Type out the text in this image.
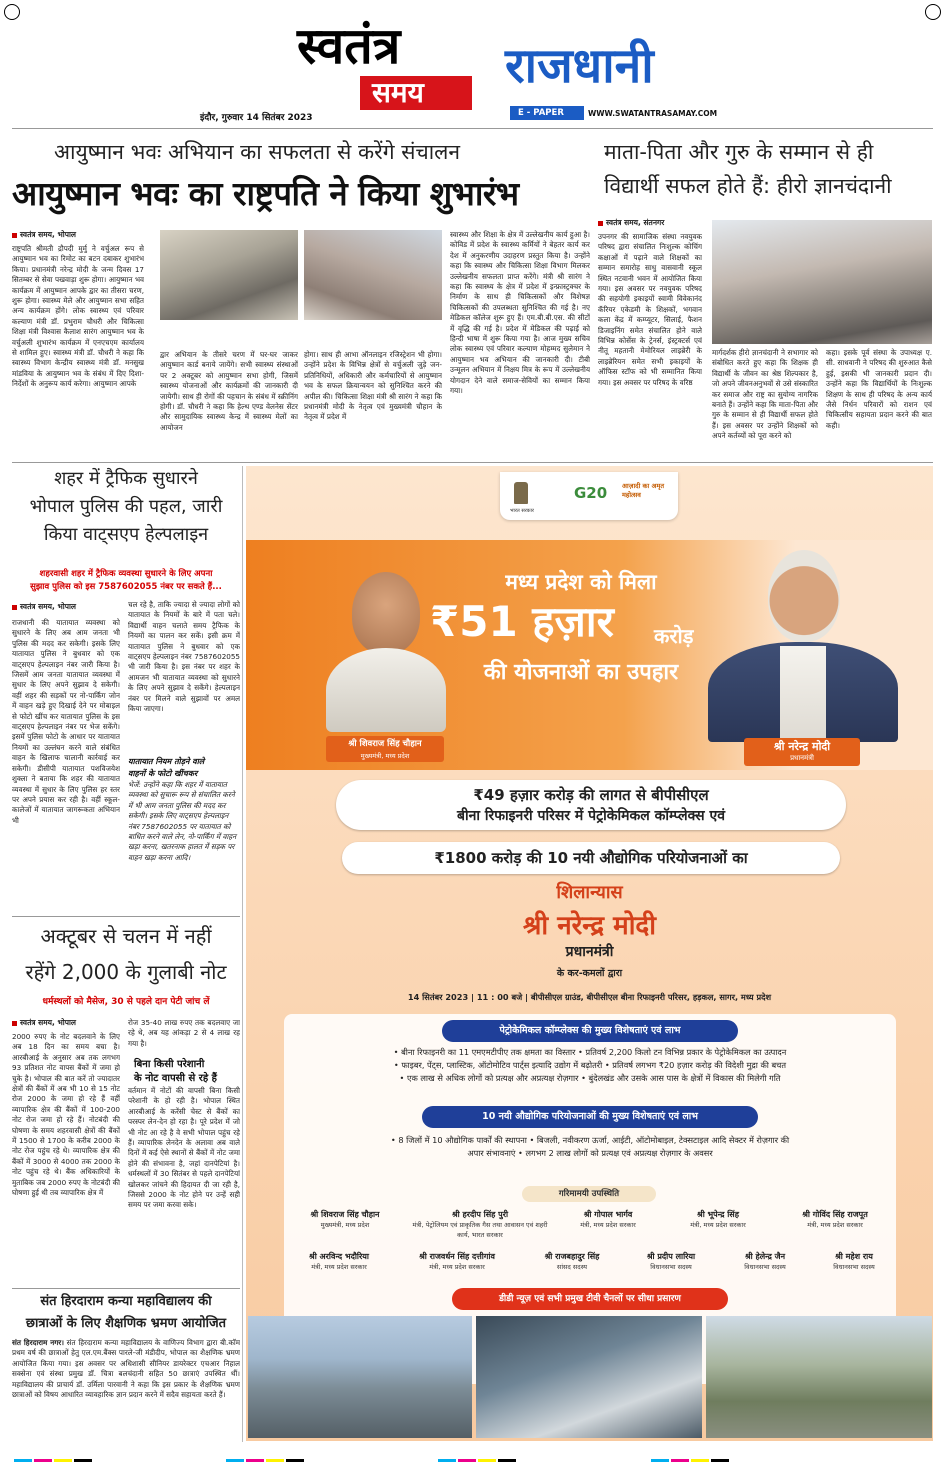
स्वतंत्र
समय
इंदौर, गुरुवार 14 सितंबर 2023
राजधानी
E - PAPER	WWW.SWATANTRASAMAY.COM
आयुष्मान भवः अभियान का सफलता से करेंगे संचालन
आयुष्मान भवः का राष्ट्रपति ने किया शुभारंभ
स्वतंत्र समय, भोपाल
राष्ट्रपति श्रीमती द्रौपदी मुर्मु ने वर्चुअल रूप से आयुष्मान भव का रिमोट का बटन दबाकर शुभारंभ किया। प्रधानमंत्री नरेन्द्र मोदी के जन्म दिवस 17 सितम्बर से सेवा पखवाड़ा शुरू होगा। आयुष्मान भव कार्यक्रम में आयुष्मान आपके द्वार का तीसरा चरण, शुरू होगा। स्वास्थ्य मेले और आयुष्मान सभा सहित अन्य कार्यक्रम होंगे। लोक स्वास्थ्य एवं परिवार कल्याण मंत्री डॉ. प्रभुराम चौधरी और चिकित्सा शिक्षा मंत्री विश्वास कैलाश सारंग आयुष्मान भव के वर्चुअली शुभारंभ कार्यक्रम में एनएचएम कार्यालय से शामिल हुए। स्वास्थ्य मंत्री डॉ. चौधरी ने कहा कि स्वास्थ्य विभाग केन्द्रीय स्वास्थ्य मंत्री डॉ. मनसुख मांडविया के आयुष्मान भव के संबंध में दिए दिशा-निर्देशों के अनुरूप कार्य करेगा। आयुष्मान आपके
द्वार अभियान के तीसरे चरण में घर-घर जाकर आयुष्मान कार्ड बनाये जायेंगे। सभी स्वास्थ्य संस्थाओं पर 2 अक्टूबर को आयुष्मान सभा होगी, जिसमें स्वास्थ्य योजनाओं और कार्यक्रमों की जानकारी दी जायेगी। साथ ही रोगों की पहचान के संबंध में स्क्रीनिंग होगी। डॉ. चौधरी ने कहा कि हेल्थ एण्ड वेलनेस सेंटर और सामुदायिक स्वास्थ्य केन्द्र में स्वास्थ्य मेलों का आयोजन
होगा। साथ ही आभा ऑनलाइन रजिस्ट्रेशन भी होगा। उन्होंने प्रदेश के विभिन्न क्षेत्रों से वर्चुअली जुड़े जन-प्रतिनिधियों, अधिकारी और कर्मचारियों से आयुष्मान भव के सफल क्रियान्वयन को सुनिश्चित करने की अपील की। चिकित्सा शिक्षा मंत्री श्री सारंग ने कहा कि प्रधानमंत्री मोदी के नेतृत्व एवं मुख्यमंत्री चौहान के नेतृत्व में प्रदेश में
स्वास्थ्य और शिक्षा के क्षेत्र में उल्लेखनीय कार्य हुआ है। कोविड में प्रदेश के स्वास्थ्य कर्मियों ने बेहतर कार्य कर देश में अनुकरणीय उदाहरण प्रस्तुत किया है। उन्होंने कहा कि स्वास्थ्य और चिकित्सा शिक्षा विभाग मिलकर उल्लेखनीय सफलता प्राप्त करेंगे। मंत्री श्री सारंग ने कहा कि स्वास्थ्य के क्षेत्र में प्रदेश में इन्फ्रास्ट्रक्चर के निर्माण के साथ ही चिकित्सकों और विशेषज्ञ चिकित्सकों की उपलब्धता सुनिश्चित की गई है। नए मेडिकल कॉलेज शुरू हुए हैं। एम.बी.बी.एस. की सीटों में वृद्धि की गई है। प्रदेश में मेडिकल की पढ़ाई को हिन्दी भाषा में शुरू किया गया है। आज मुख्य सचिव लोक स्वास्थ्य एवं परिवार कल्याण मोहम्मद सुलेमान ने आयुष्मान भव अभियान की जानकारी दी। टीबी उन्मूलन अभियान में निक्षय मित्र के रूप में उल्लेखनीय योगदान देने वाले समाज-सेवियों का सम्मान किया गया।
माता-पिता और गुरु के सम्मान से ही
विद्यार्थी सफल होते हैं: हीरो ज्ञानचंदानी
स्वतंत्र समय, संतनगर
उपनगर की सामाजिक संस्था नवयुवक परिषद द्वारा संचालित निःशुल्क कोचिंग कक्षाओं में पढ़ाने वाले शिक्षकों का सम्मान समारोह साधु वासवानी स्कूल स्थित नटवानी भवन में आयोजित किया गया। इस अवसर पर नवयुवक परिषद की सहयोगी इकाइयों स्वामी विवेकानंद कॅरियर एकेडमी के शिक्षकों, भगवान कला केंद्र में कम्प्यूटर, सिलाई, फैशन डिजाइनिंग समेत संचालित होने वाले विभिन्न कोर्सेस के ट्रेनर्स, इंस्ट्रक्टर्स एवं नीतू महतानी मेमोरियल लाइब्रेरी के लाइब्रेरियन समेत सभी इकाइयों के ऑफिस स्टॉफ को भी सम्मानित किया गया। इस अवसर पर परिषद के वरिष्ठ
मार्गदर्शक हीरो ज्ञानचंदानी ने सभागार को संबोधित करते हुए कहा कि शिक्षक ही विद्यार्थी के जीवन का श्रेष्ठ शिल्पकार है, जो अपने जीवनअनुभवों से उसे संस्कारित कर समाज और राष्ट्र का सुयोग्य नागरिक बनाते हैं। उन्होंने कहा कि माता-पिता और गुरु के सम्मान से ही विद्यार्थी सफल होते हैं। इस अवसर पर उन्होंने शिक्षकों को अपने कर्तव्यों को पूरा करने को
कहा। इसके पूर्व संस्था के उपाध्यक्ष ए. सी. साधवानी ने परिषद की शुरुआत कैसे हुई, इसकी भी जानकारी प्रदान दी। उन्होंने कहा कि विद्यार्थियों के निःशुल्क शिक्षण के साथ ही परिषद के अन्य कार्य जैसे निर्धन परिवारों को राशन एवं चिकित्सीय सहायता प्रदान करने की बात कही।
शहर में ट्रैफिक सुधारने
भोपाल पुलिस की पहल, जारी
किया वाट्सएप हेल्पलाइन
शहरवासी शहर में ट्रैफिक व्यवस्था सुधारने के लिए अपना
सुझाव पुलिस को इस 7587602055 नंबर पर सकते हैं...
स्वतंत्र समय, भोपाल
राजधानी की यातायात व्यवस्था को सुधारने के लिए अब आम जनता भी पुलिस की मदद कर सकेगी। इसके लिए यातायात पुलिस ने बुधवार को एक वाट्सएप हेल्पलाइन नंबर जारी किया है। जिसमें आम जनता यातायात व्यवस्था में सुधार के लिए अपने सुझाव दे सकेगी। वहीं शहर की सड़कों पर नो-पार्किंग जोन में वाहन खड़े हुए दिखाई देने पर मोबाइल से फोटो खींच कर यातायात पुलिस के इस वाट्सएप हेल्पलाइन नंबर पर भेज सकेंगे। इसमें पुलिस फोटो के आधार पर यातायात नियमों का उल्लंघन करने वाले संबंधित वाहन के खिलाफ चालानी कार्रवाई कर सकेगी। डीसीपी यातायात पशविजयेश शुक्ला ने बताया कि शहर की यातायात व्यवस्था में सुधार के लिए पुलिस हर स्तर पर अपने प्रयास कर रही है। वहीं स्कूल-कालेजों में यातायात जागरूकता अभियान भी
चल रहे है, ताकि ज्यादा से ज्यादा लोगों को यातायात के नियमों के बारे में पता चले। विद्यार्थी वाहन चलाते समय ट्रैफिक के नियमों का पालन कर सकें। इसी क्रम में यातायात पुलिस ने बुधवार को एक वाट्सएप हेल्पलाइन नंबर 7587602055 भी जारी किया है। इस नंबर पर शहर के आमजन भी यातायात व्यवस्था को सुधारने के लिए अपने सुझाव दे सकेंगे। हेल्पलाइन नंबर पर मिलने वाले सुझावों पर अमल किया जाएगा।
यातायात नियम तोड़ने वाले
वाहनों के फोटो खींचकर
भेजें: उन्होंने कहा कि शहर में यातायात व्यवस्था को सुचारू रूप से संचालित करने में भी आम जनता पुलिस की मदद कर सकेगी। इसके लिए वाट्सएप हेल्पलाइन नंबर 7587602055 पर यातायात को बाधित करने वाले लेन, नो-पार्किंग में वाहन खड़ा करना, खतरनाक हालत में सड़क पर वाहन खड़ा करना आदि।
अक्टूबर से चलन में नहीं
रहेंगे 2,000 के गुलाबी नोट
धर्मस्थलों को मैसेज, 30 से पहले दान पेटी जांच लें
स्वतंत्र समय, भोपाल
2000 रुपए के नोट बदलवाने के लिए अब 18 दिन का समय बचा है। आरबीआई के अनुसार अब तक लगभग 93 प्रतिशत नोट वापस बैंकों में जमा हो चुके है। भोपाल की बात करें तो ज्यादातर क्षेत्रों की बैंकों में अब भी 10 से 15 नोट रोज 2000 के जमा हो रहे हैं वहीं व्यापारिक क्षेत्र की बैंकों में 100-200 नोट रोज जमा हो रहे हैं। नोटबंदी की घोषणा के समय शहरवासी क्षेत्रों की बैंकों में 1500 से 1700 के करीब 2000 के नोट रोज पहुंच रहे थे। व्यापारिक क्षेत्र की बैंकों में 3000 से 4000 तक 2000 के नोट पहुंच रहे थे। बैंक अधिकारियों के मुताबिक जब 2000 रुपए के नोटबंदी की घोषणा हुई थी तब व्यापारिक क्षेत्र में
रोज 35-40 लाख रुपए तक बदलवाए जा रहे थे, अब यह आंकड़ा 2 से 4 लाख रह गया है।
बिना किसी परेशानी
के नोट वापसी से रहे हैं
वर्तमान में नोटों की वापसी बिना किसी परेशानी के हो रही है। भोपाल स्थित आरबीआई के करेंसी चेस्ट से बैंकों का परस्पर लेन-देन हो रहा है। पूरे प्रदेश में जो भी नोट आ रहे है वे सभी भोपाल पहुंच रहे हैं। व्यापारिक लेनदेन के अलावा अब वाले दिनों में कई ऐसे स्थानों से बैंकों में नोट जमा होने की संभावना है, जहां दानपेटियां है। धर्मस्थलों में 30 सितंबर से पहले दानपेटियां खोलकर जांचने की हिदायत दी जा रही है, जिससे 2000 के नोट होने पर उन्हें सही समय पर जमा करवा सके।
संत हिरदाराम कन्या महाविद्यालय की
छात्राओं के लिए शैक्षणिक भ्रमण आयोजित
संत हिरदाराम नगर। संत हिरदाराम कन्या महाविद्यालय के वाणिज्य विभाग द्वारा बी.कॉम प्रथम वर्ष की छात्राओं हेतु एल.एम.बैंक्स पारले-जी मंडीदीप, भोपाल का शैक्षणिक भ्रमण आयोजित किया गया। इस अवसर पर अधिशासी सीनियर डायरेक्टर एचआर निहाल सक्सेना एवं संस्था प्रमुख डॉ. चित्रा बलचंदानी सहित 50 छात्राएं उपस्थित थीं। महाविद्यालय की प्राचार्य डॉ. उर्मिला पारवानी ने कहा कि इस प्रकार के शैक्षणिक भ्रमण छात्राओं को विषय आधारित व्यावहारिक ज्ञान प्रदान करने में सदैव सहायता करते हैं।
भारत सरकार
G20 आज़ादी का अमृत महोत्सव
श्री शिवराज सिंह चौहान
मुख्यमंत्री, मध्य प्रदेश
मध्य प्रदेश को मिला
₹51 हज़ार करोड़
की योजनाओं का उपहार
श्री नरेन्द्र मोदी
प्रधानमंत्री
₹49 हज़ार करोड़ की लागत से बीपीसीएल
बीना रिफाइनरी परिसर में पेट्रोकेमिकल कॉम्प्लेक्स एवं
₹1800 करोड़ की 10 नयी औद्योगिक परियोजनाओं का
शिलान्यास
श्री नरेन्द्र मोदी
प्रधानमंत्री
के कर-कमलों द्वारा
14 सितंबर 2023 | 11 : 00 बजे | बीपीसीएल ग्राउंड, बीपीसीएल बीना रिफाइनरी परिसर, हड़कल, सागर, मध्य प्रदेश
पेट्रोकेमिकल कॉम्प्लेक्स की मुख्य विशेषताएं एवं लाभ
• बीना रिफाइनरी का 11 एमएमटीपीए तक क्षमता का विस्तार • प्रतिवर्ष 2,200 किलो टन विभिन्न प्रकार के पेट्रोकेमिकल का उत्पादन
• फाइबर, पेंट्स, प्लास्टिक, ऑटोमोटिव पार्ट्स इत्यादि उद्योग में बढ़ोतरी • प्रतिवर्ष लगभग ₹20 हज़ार करोड़ की विदेशी मुद्रा की बचत
• एक लाख से अधिक लोगों को प्रत्यक्ष और अप्रत्यक्ष रोज़गार • बुंदेलखंड और उसके आस पास के क्षेत्रों में विकास की मिलेगी गति
10 नयी औद्योगिक परियोजनाओं की मुख्य विशेषताएं एवं लाभ
• 8 जिलों में 10 औद्योगिक पार्कों की स्थापना • बिजली, नवीकरण ऊर्जा, आईटी, ऑटोमोबाइल, टेक्सटाइल आदि सेक्टर में रोज़गार की
अपार संभावनाएं • लगभग 2 लाख लोगों को प्रत्यक्ष एवं अप्रत्यक्ष रोज़गार के अवसर
गरिमामयी उपस्थिति
श्री शिवराज सिंह चौहान
मुख्यमंत्री, मध्य प्रदेश
श्री हरदीप सिंह पुरी
मंत्री, पेट्रोलियम एवं प्राकृतिक गैस तथा आवासन एवं शहरी कार्य, भारत सरकार
श्री गोपाल भार्गव
मंत्री, मध्य प्रदेश सरकार
श्री भूपेन्द्र सिंह
मंत्री, मध्य प्रदेश सरकार
श्री गोविंद सिंह राजपूत
मंत्री, मध्य प्रदेश सरकार
श्री अरविन्द भदौरिया
मंत्री, मध्य प्रदेश सरकार
श्री राजवर्धन सिंह दत्तीगांव
मंत्री, मध्य प्रदेश सरकार
श्री राजबहादुर सिंह
सांसद सदस्य
श्री प्रदीप लारिया
विधानसभा सदस्य
श्री हेलेन्द्र जैन
विधानसभा सदस्य
श्री महेश राय
विधानसभा सदस्य
डीडी न्यूज़ एवं सभी प्रमुख टीवी चैनलों पर सीधा प्रसारण
